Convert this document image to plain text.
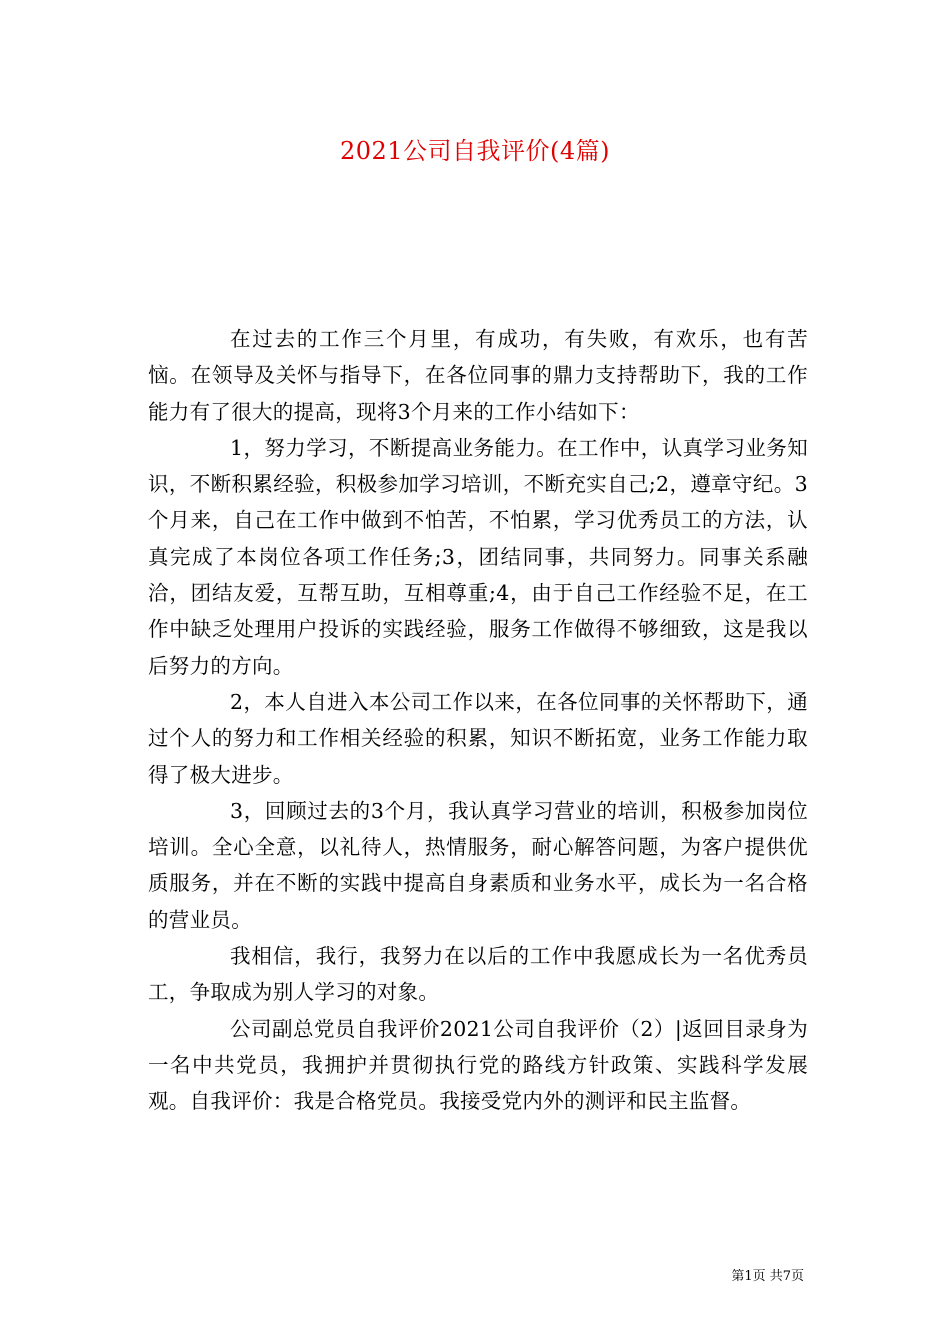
2021公司自我评价(4篇)

在过去的工作三个月里，有成功，有失败，有欢乐，也有苦恼。在领导及关怀与指导下，在各位同事的鼎力支持帮助下，我的工作能力有了很大的提高，现将3个月来的工作小结如下：

1，努力学习，不断提高业务能力。在工作中，认真学习业务知识，不断积累经验，积极参加学习培训，不断充实自己;2，遵章守纪。3个月来，自己在工作中做到不怕苦，不怕累，学习优秀员工的方法，认真完成了本岗位各项工作任务;3，团结同事，共同努力。同事关系融洽，团结友爱，互帮互助，互相尊重;4，由于自己工作经验不足，在工作中缺乏处理用户投诉的实践经验，服务工作做得不够细致，这是我以后努力的方向。

2，本人自进入本公司工作以来，在各位同事的关怀帮助下，通过个人的努力和工作相关经验的积累，知识不断拓宽，业务工作能力取得了极大进步。

3，回顾过去的3个月，我认真学习营业的培训，积极参加岗位培训。全心全意，以礼待人，热情服务，耐心解答问题，为客户提供优质服务，并在不断的实践中提高自身素质和业务水平，成长为一名合格的营业员。

我相信，我行，我努力在以后的工作中我愿成长为一名优秀员工，争取成为别人学习的对象。

公司副总党员自我评价2021公司自我评价（2）|返回目录身为一名中共党员，我拥护并贯彻执行党的路线方针政策、实践科学发展观。自我评价：我是合格党员。我接受党内外的测评和民主监督。

第1页 共7页
